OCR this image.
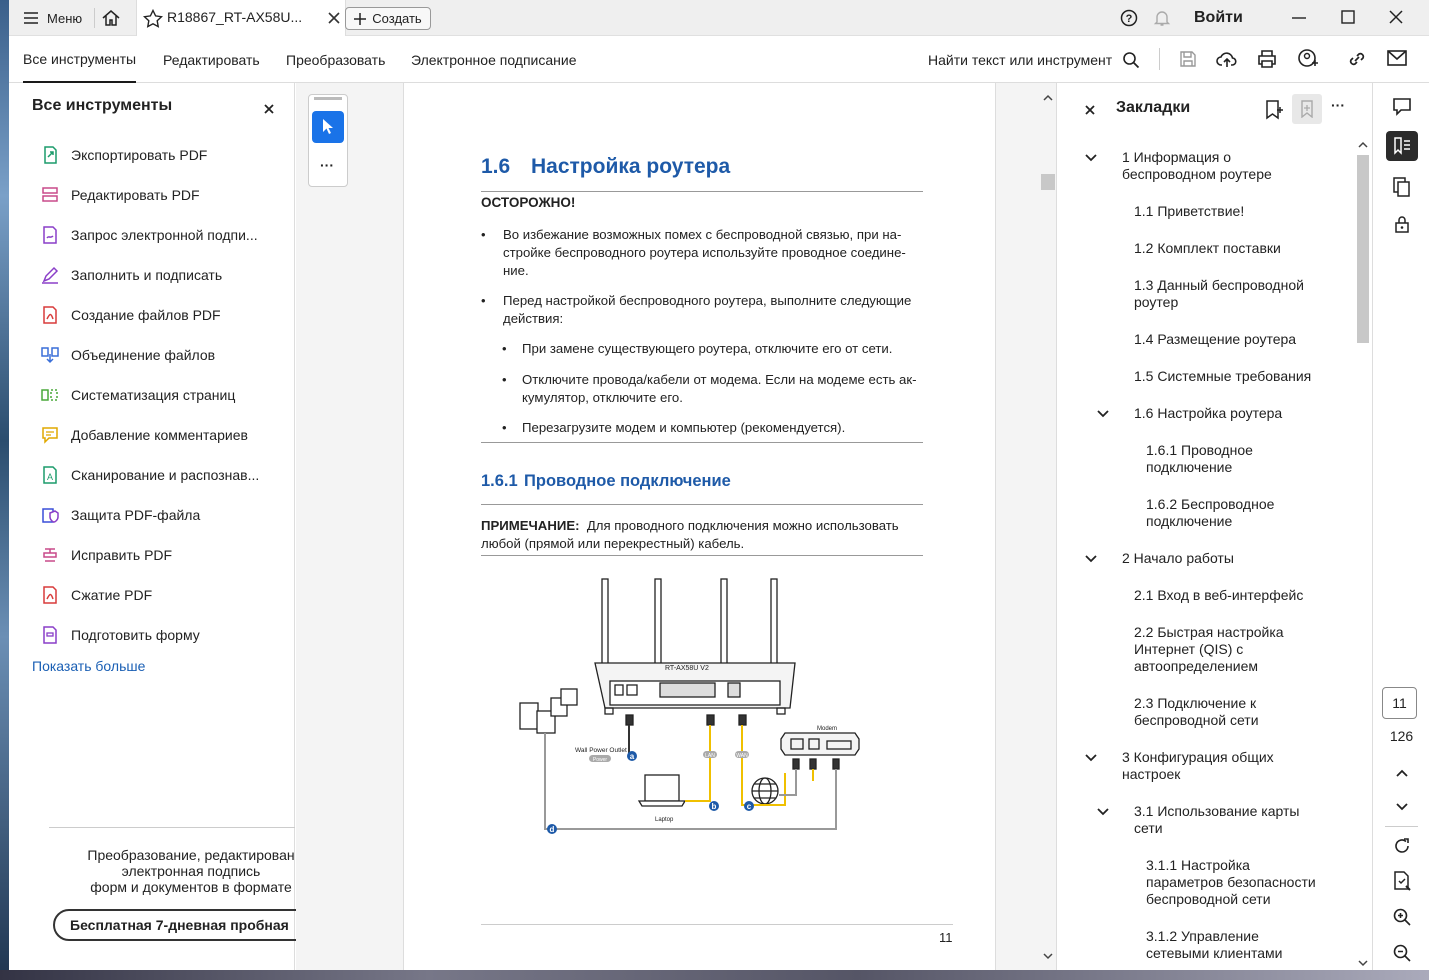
Меню	R18867_RT-AX58U...	Создать	?	Войти
Все инструменты Редактировать Преобразовать Электронное подписание	Найти текст или инструмент
Все инструменты
Экспортировать PDF
Редактировать PDF
Запрос электронной подпи...
Заполнить и подписать
Создание файлов PDF
Объединение файлов
Систематизация страниц
Добавление комментариев
A Сканирование и распознав...
Защита PDF-файла
Исправить PDF
Сжатие PDF
Подготовить форму
Показать больше
Преобразование, редактирован
электронная подпись
форм и документов в формате
Бесплатная 7-дневная пробная
···	1.6 Настройка роутера
ОСТОРОЖНО!
• Во избежание возможных помех с беспроводной связью, при на-
стройке беспроводного роутера используйте проводное соедине-
ние.
• Перед настройкой беспроводного роутера, выполните следующие
действия:
• При замене существующего роутера, отключите его от сети.
• Отключите провода/кабели от модема. Если на модеме есть ак-
кумулятор, отключите его.
• Перезагрузите модем и компьютер (рекомендуется).
1.6.1 Проводное подключение
ПРИМЕЧАНИЕ: Для проводного подключения можно использовать
любой (прямой или перекрестный) кабель.
RT-AX58U V2
Wall Power Outlet
Modem
Laptop
Power
LAN	WAN
a
b	c
d
11
Закладки	···
1 Информация о
беспроводном роутере
1.1 Приветствие!
1.2 Комплект поставки
1.3 Данный беспроводной
роутер
1.4 Размещение роутера
1.5 Системные требования
1.6 Настройка роутера
1.6.1 Проводное
подключение
1.6.2 Беспроводное
подключение
2 Начало работы
2.1 Вход в веб-интерфейс
2.2 Быстрая настройка
Интернет (QIS) с
автоопределением
2.3 Подключение к
беспроводной сети
3 Конфигурация общих
настроек
3.1 Использование карты
сети
3.1.1 Настройка
параметров безопасности
беспроводной сети
3.1.2 Управление
сетевыми клиентами
11
126
